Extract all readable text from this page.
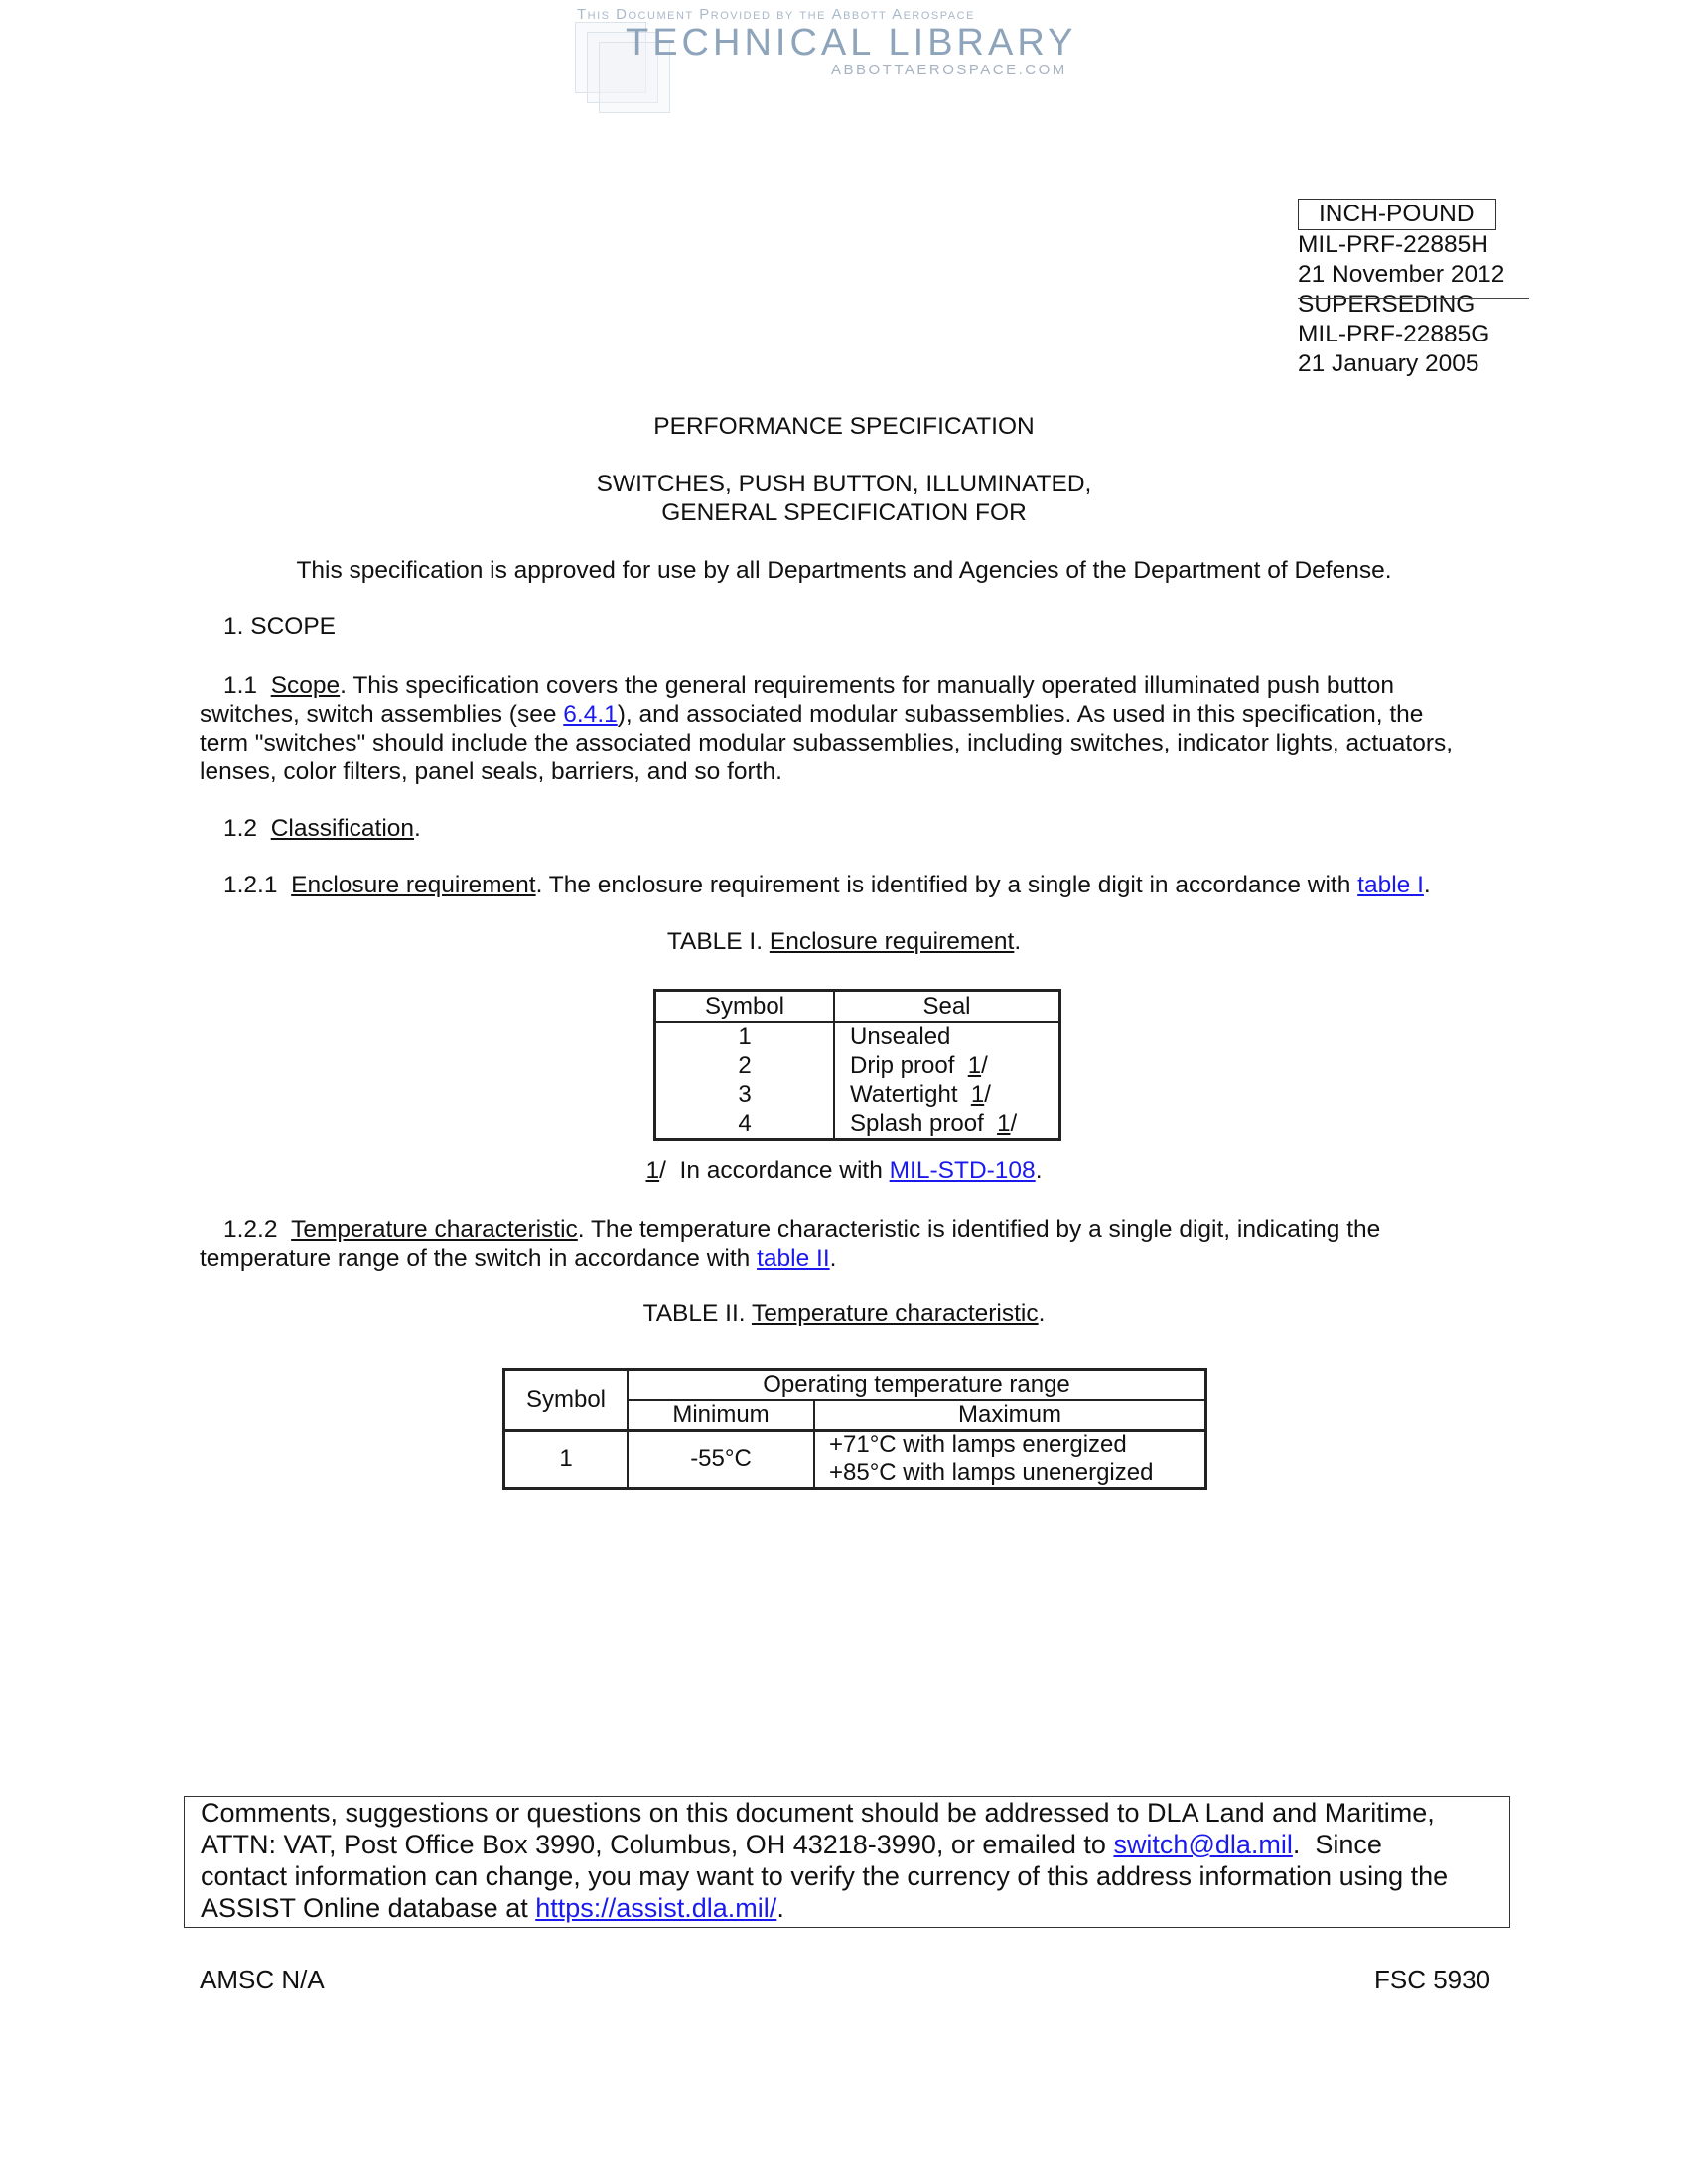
This Document Provided by the Abbott Aerospace
TECHNICAL LIBRARY
ABBOTTAEROSPACE.COM
INCH-POUND
MIL-PRF-22885H
21 November 2012
SUPERSEDING
MIL-PRF-22885G
21 January 2005
PERFORMANCE SPECIFICATION
SWITCHES, PUSH BUTTON, ILLUMINATED,
GENERAL SPECIFICATION FOR
This specification is approved for use by all Departments and Agencies of the Department of Defense.
1. SCOPE
1.1 Scope. This specification covers the general requirements for manually operated illuminated push button
switches, switch assemblies (see 6.4.1), and associated modular subassemblies. As used in this specification, the
term "switches" should include the associated modular subassemblies, including switches, indicator lights, actuators,
lenses, color filters, panel seals, barriers, and so forth.
1.2 Classification.
1.2.1 Enclosure requirement. The enclosure requirement is identified by a single digit in accordance with table I.
TABLE I. Enclosure requirement.
Symbol	Seal
1	Unsealed
2	Drip proof  1/
3	Watertight  1/
4	Splash proof  1/
1/  In accordance with MIL-STD-108.
1.2.2 Temperature characteristic. The temperature characteristic is identified by a single digit, indicating the
temperature range of the switch in accordance with table II.
TABLE II. Temperature characteristic.
Symbol	Operating temperature range	
	Minimum	Maximum
1	-55°C	+71°C with lamps energized
+85°C with lamps unenergized
Comments, suggestions or questions on this document should be addressed to DLA Land and Maritime,
ATTN: VAT, Post Office Box 3990, Columbus, OH 43218-3990, or emailed to switch@dla.mil.  Since
contact information can change, you may want to verify the currency of this address information using the
ASSIST Online database at https://assist.dla.mil/.
AMSC N/A	FSC 5930
